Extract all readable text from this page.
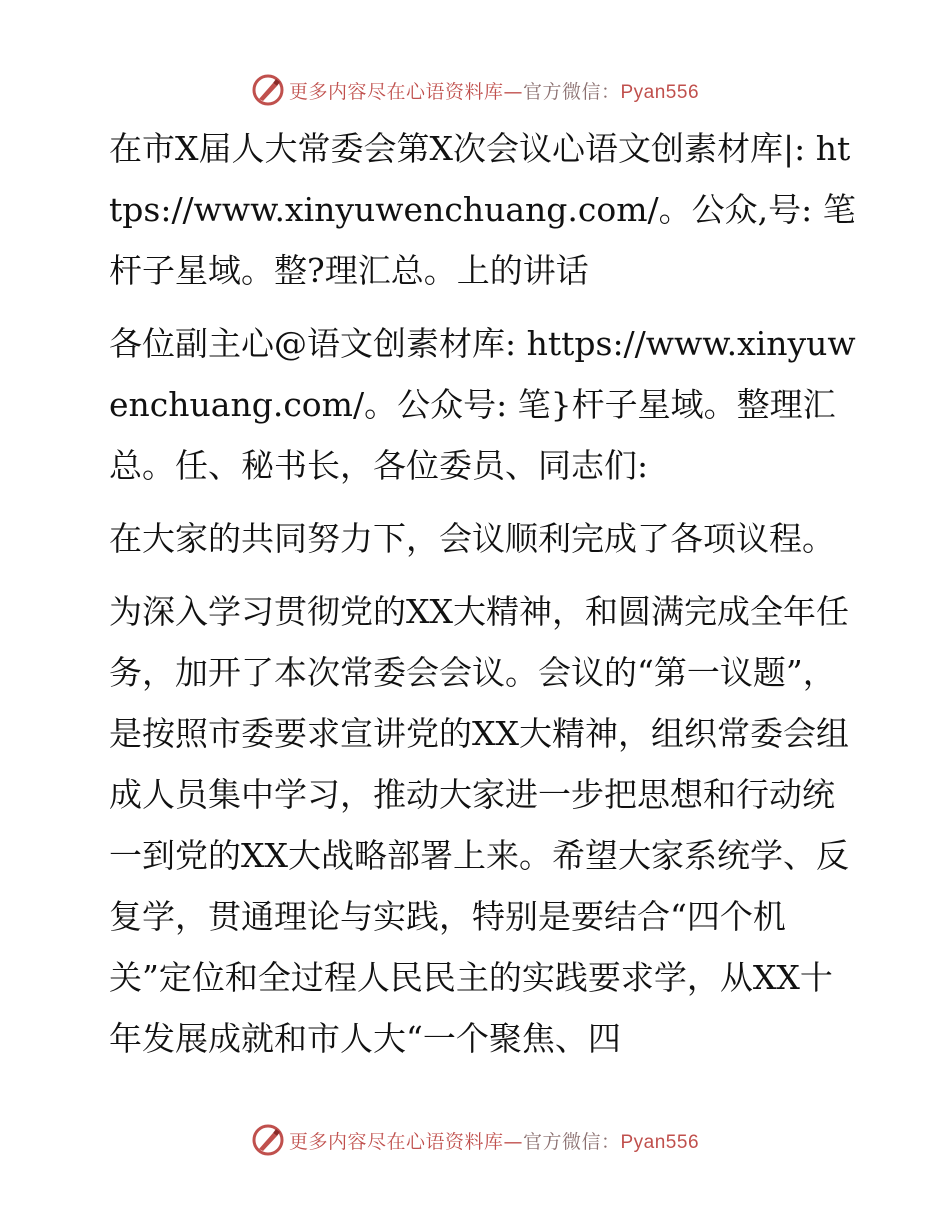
更多内容尽在心语资料库—官方微信：Pyan556

在市X届人大常委会第X次会议心语文创素材库|: https://www.xinyuwenchuang.com/。公众,号: 笔杆子星域。整?理汇总。上的讲话

各位副主心@语文创素材库: https://www.xinyuwenchuang.com/。公众号: 笔}杆子星域。整理汇总。任、秘书长，各位委员、同志们:

在大家的共同努力下，会议顺利完成了各项议程。

为深入学习贯彻党的XX大精神，和圆满完成全年任务，加开了本次常委会会议。会议的“第一议题”，是按照市委要求宣讲党的XX大精神，组织常委会组成人员集中学习，推动大家进一步把思想和行动统一到党的XX大战略部署上来。希望大家系统学、反复学，贯通理论与实践，特别是要结合“四个机关”定位和全过程人民民主的实践要求学，从XX十年发展成就和市人大“一个聚焦、四

更多内容尽在心语资料库—官方微信：Pyan556
